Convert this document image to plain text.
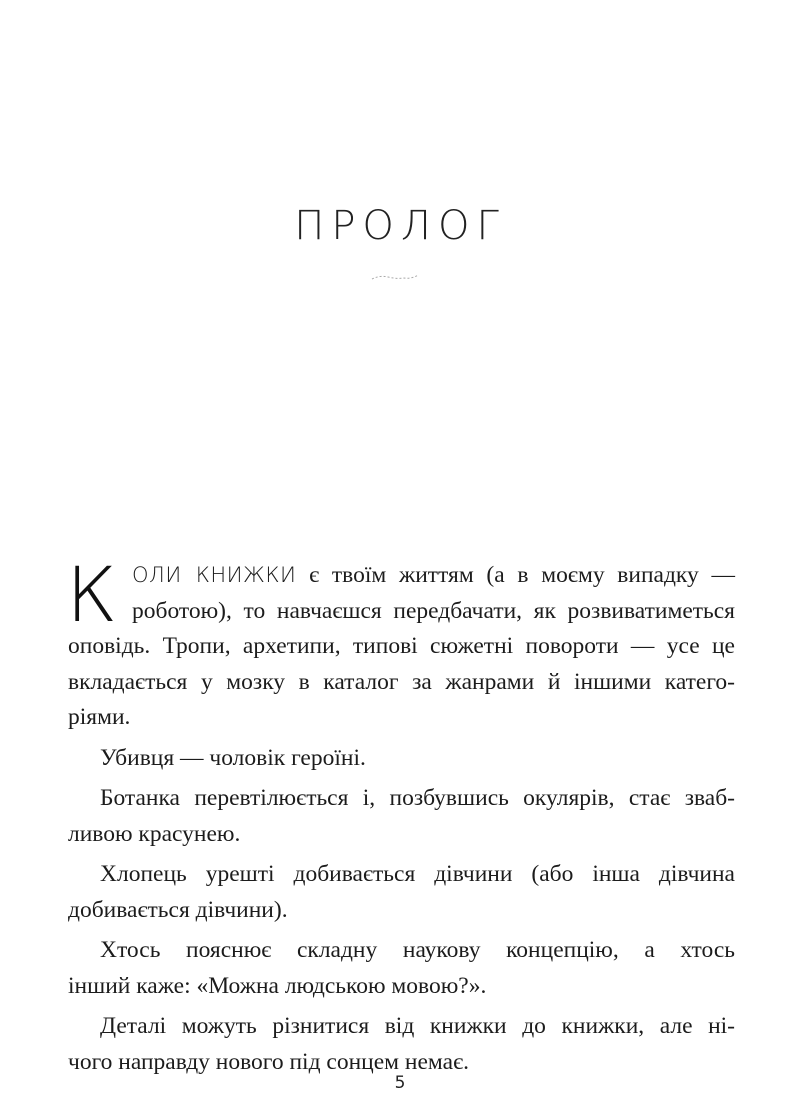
ПРОЛОГ
К ОЛИ КНИЖКИ є твоїм життям (а в моєму випадку —
роботою), то навчаєшся передбачати, як розвиватиметься
оповідь. Тропи, архетипи, типові сюжетні повороти — усе це
вкладається у мозку в каталог за жанрами й іншими катего-
ріями.
Убивця — чоловік героїні.
Ботанка перевтілюється і, позбувшись окулярів, стає зваб-
ливою красунею.
Хлопець урешті добивається дівчини (або інша дівчина
добивається дівчини).
Хтось пояснює складну наукову концепцію, а хтось
інший каже: «Можна людською мовою?».
Деталі можуть різнитися від книжки до книжки, але ні-
чого направду нового під сонцем немає.
5
